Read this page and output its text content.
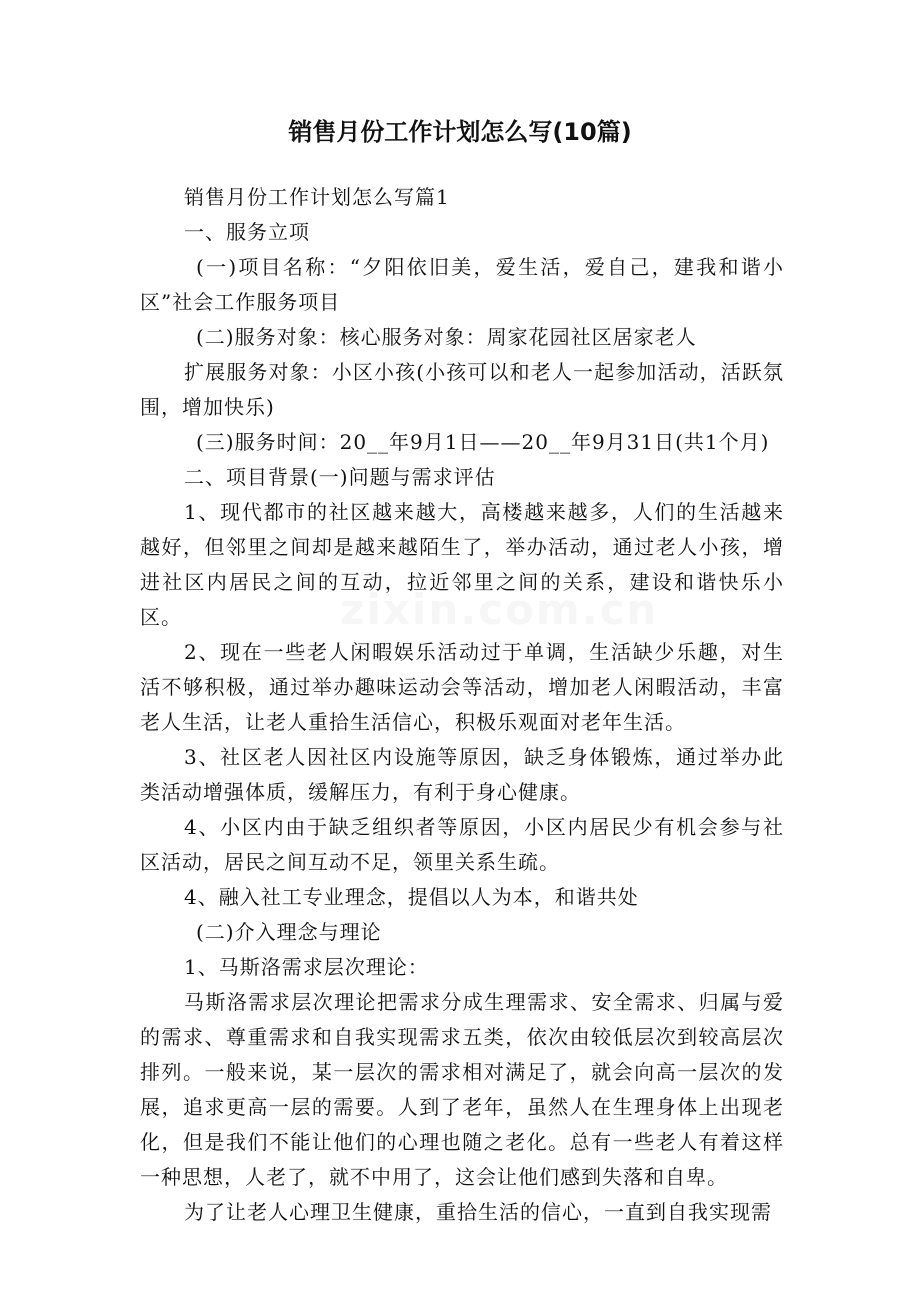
销售月份工作计划怎么写(10篇)
zixin.com.cn

销售月份工作计划怎么写篇1

一、服务立项

(一)项目名称：“夕阳依旧美，爱生活，爱自己，建我和谐小区”社会工作服务项目

(二)服务对象：核心服务对象：周家花园社区居家老人

扩展服务对象：小区小孩(小孩可以和老人一起参加活动，活跃氛围，增加快乐)

(三)服务时间：20__年9月1日——20__年9月31日(共1个月)

二、项目背景(一)问题与需求评估

1、现代都市的社区越来越大，高楼越来越多，人们的生活越来越好，但邻里之间却是越来越陌生了，举办活动，通过老人小孩，增进社区内居民之间的互动，拉近邻里之间的关系，建设和谐快乐小区。

2、现在一些老人闲暇娱乐活动过于单调，生活缺少乐趣，对生活不够积极，通过举办趣味运动会等活动，增加老人闲暇活动，丰富老人生活，让老人重拾生活信心，积极乐观面对老年生活。

3、社区老人因社区内设施等原因，缺乏身体锻炼，通过举办此类活动增强体质，缓解压力，有利于身心健康。

4、小区内由于缺乏组织者等原因，小区内居民少有机会参与社区活动，居民之间互动不足，领里关系生疏。

4、融入社工专业理念，提倡以人为本，和谐共处

(二)介入理念与理论

1、马斯洛需求层次理论：

马斯洛需求层次理论把需求分成生理需求、安全需求、归属与爱的需求、尊重需求和自我实现需求五类，依次由较低层次到较高层次排列。一般来说，某一层次的需求相对满足了，就会向高一层次的发展，追求更高一层的需要。人到了老年，虽然人在生理身体上出现老化，但是我们不能让他们的心理也随之老化。总有一些老人有着这样一种思想，人老了，就不中用了，这会让他们感到失落和自卑。

为了让老人心理卫生健康，重拾生活的信心，一直到自我实现需
